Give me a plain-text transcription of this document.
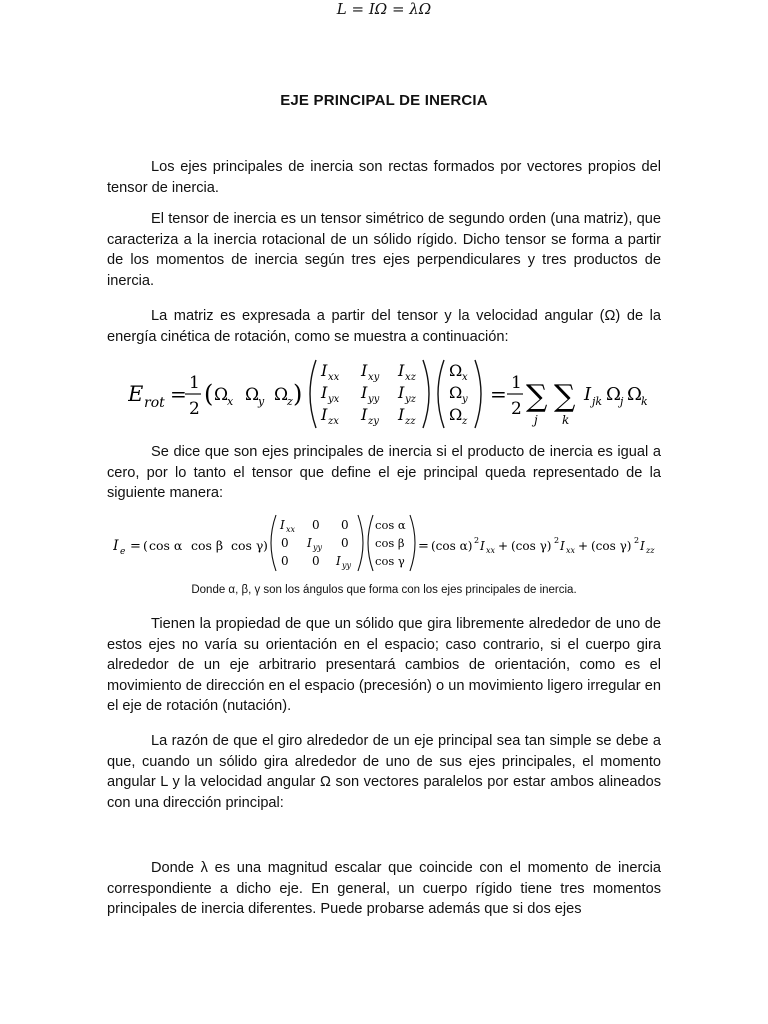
EJE PRINCIPAL DE INERCIA

Los ejes principales de inercia son rectas formados por vectores propios del tensor de inercia.

El tensor de inercia es un tensor simétrico de segundo orden (una matriz), que caracteriza a la inercia rotacional de un sólido rígido. Dicho tensor se forma a partir de los momentos de inercia según tres ejes perpendiculares y tres productos de inercia.

La matriz es expresada a partir del tensor y la velocidad angular (Ω) de la energía cinética de rotación, como se muestra a continuación:

E rot = 1
2
( Ω
x Ω
y Ω
z )
I xx I xy I xz
I yx I yy I yz
I zx I zy I zz
Ω x
Ω y
Ω z
= 1
2 ∑
j
∑
k
I jk Ω j Ω k

Se dice que son ejes principales de inercia si el producto de inercia es igual a cero, por lo tanto el tensor que define el eje principal queda representado de la siguiente manera:

I e = ( cos α cos β cos γ )
I xx 0 0
0 I yy 0
0 0 I yy
cos α
cos β
cos γ
= (cos α) 2 I xx + (cos γ) 2 I xx + (cos γ) 2 I zz
Donde α, β, γ son los ángulos que forma con los ejes principales de inercia.

Tienen la propiedad de que un sólido que gira libremente alrededor de uno de estos ejes no varía su orientación en el espacio; caso contrario, si el cuerpo gira alrededor de un eje arbitrario presentará cambios de orientación, como es el movimiento de dirección en el espacio (precesión) o un movimiento ligero irregular en el eje de rotación (nutación).

La razón de que el giro alrededor de un eje principal sea tan simple se debe a que, cuando un sólido gira alrededor de uno de sus ejes principales, el momento angular L y la velocidad angular Ω son vectores paralelos por estar ambos alineados con una dirección principal:

L = IΩ = λΩ

Donde λ es una magnitud escalar que coincide con el momento de inercia correspondiente a dicho eje. En general, un cuerpo rígido tiene tres momentos principales de inercia diferentes. Puede probarse además que si dos ejes
